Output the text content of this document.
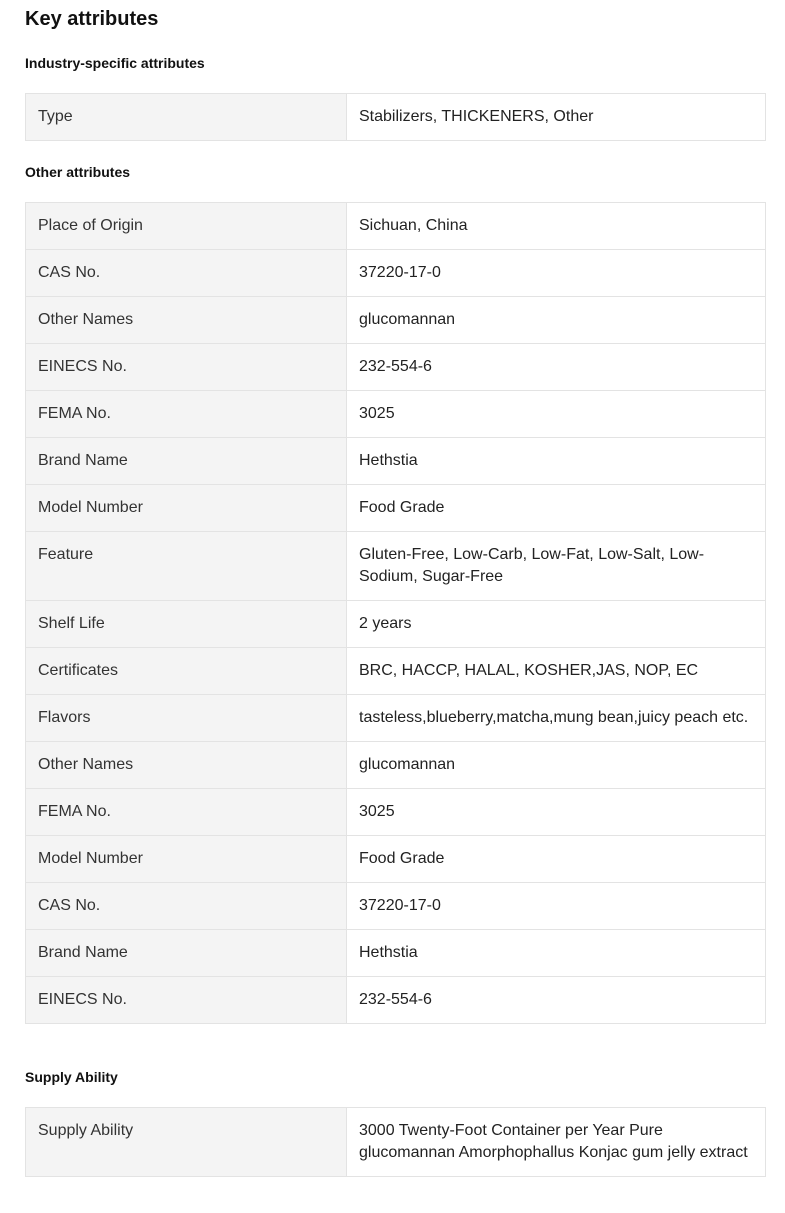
Key attributes
Industry-specific attributes
Type	Stabilizers, THICKENERS, Other
Other attributes
Place of Origin	Sichuan, China
CAS No.	37220-17-0
Other Names	glucomannan
EINECS No.	232-554-6
FEMA No.	3025
Brand Name	Hethstia
Model Number	Food Grade
Feature	Gluten-Free, Low-Carb, Low-Fat, Low-Salt, Low-Sodium, Sugar-Free
Shelf Life	2 years
Certificates	BRC, HACCP, HALAL, KOSHER,JAS, NOP, EC
Flavors	tasteless,blueberry,matcha,mung bean,juicy peach etc.
Other Names	glucomannan
FEMA No.	3025
Model Number	Food Grade
CAS No.	37220-17-0
Brand Name	Hethstia
EINECS No.	232-554-6
Supply Ability
Supply Ability	3000 Twenty-Foot Container per Year Pure glucomannan Amorphophallus Konjac gum jelly extract
